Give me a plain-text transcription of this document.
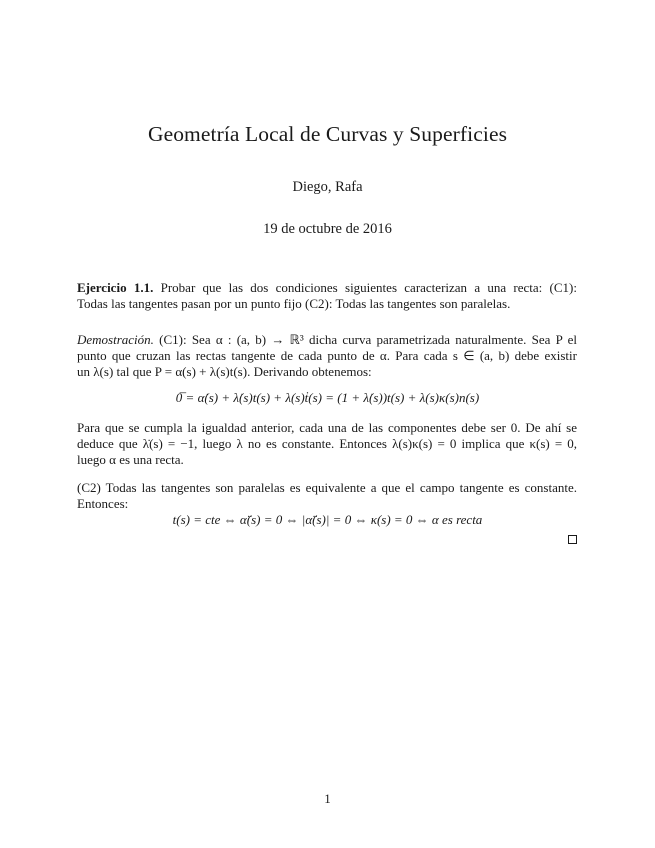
Geometría Local de Curvas y Superficies
Diego, Rafa
19 de octubre de 2016
Ejercicio 1.1. Probar que las dos condiciones siguientes caracterizan a una recta: (C1):
Todas las tangentes pasan por un punto fijo (C2): Todas las tangentes son paralelas.
Demostración. (C1): Sea α : (a, b) → ℝ³ dicha curva parametrizada naturalmente. Sea P el
punto que cruzan las rectas tangente de cada punto de α. Para cada s ∈ (a, b) debe existir
un λ(s) tal que P = α(s) + λ(s)t(s). Derivando obtenemos:
0̅ = α̇(s) + λ̇(s)t(s) + λ(s)ṫ(s) = (1 + λ̇(s))t(s) + λ(s)κ(s)n(s)
Para que se cumpla la igualdad anterior, cada una de las componentes debe ser 0. De ahí se
deduce que λ̇(s) = −1, luego λ no es constante. Entonces λ(s)κ(s) = 0 implica que κ(s) = 0,
luego α es una recta.
(C2) Todas las tangentes son paralelas es equivalente a que el campo tangente es constante.
Entonces:
t(s) = cte ⇔ α̈(s) = 0 ⇔ |α̈(s)| = 0 ⇔ κ(s) = 0 ⇔ α es recta
1
